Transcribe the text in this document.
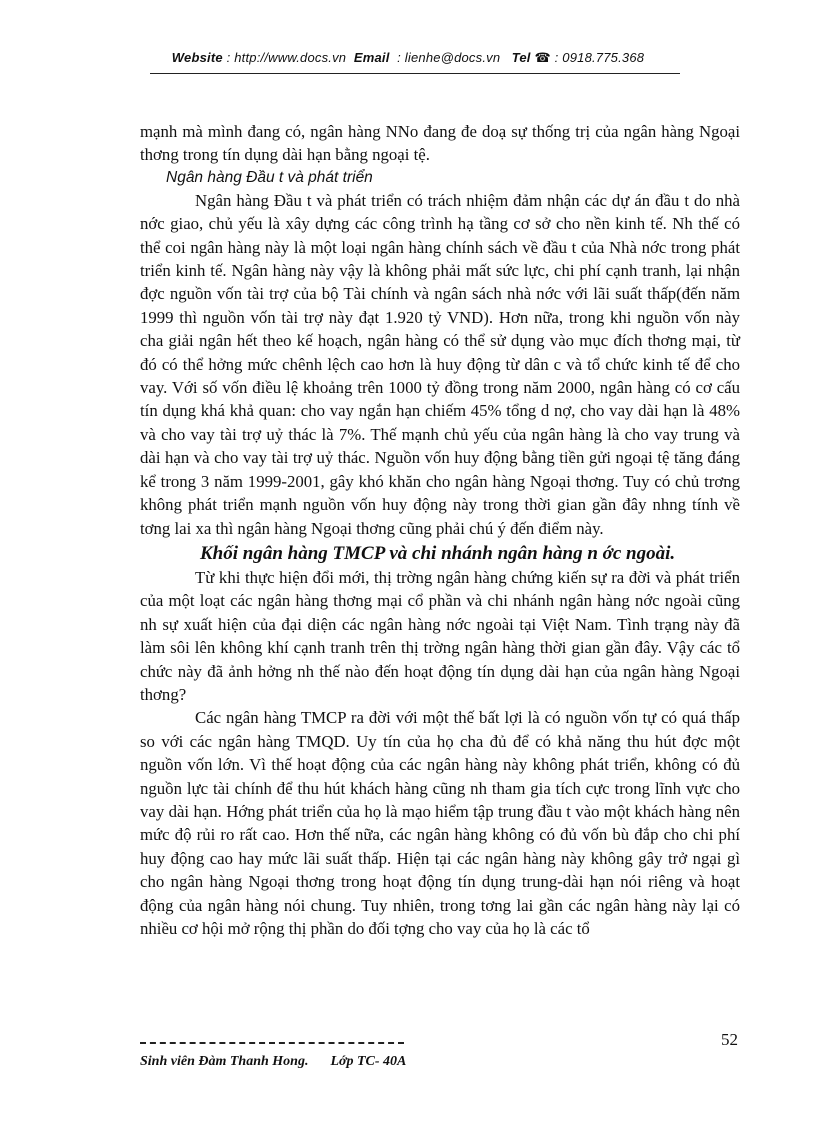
Website : http://www.docs.vn Email : lienhe@docs.vn Tel ☎ : 0918.775.368

mạnh mà mình đang có, ngân hàng NNo đang đe doạ sự thống trị của ngân hàng Ngoại thơng trong tín dụng dài hạn bằng ngoại tệ.

Ngân hàng Đầu t và phát triển

Ngân hàng Đầu t và phát triển có trách nhiệm đảm nhận các dự án đầu t do nhà nớc giao, chủ yếu là xây dựng các công trình hạ tầng cơ sở cho nền kinh tế. Nh thế có thể coi ngân hàng này là một loại ngân hàng chính sách về đầu t của Nhà nớc trong phát triển kinh tế. Ngân hàng này vậy là không phải mất sức lực, chi phí cạnh tranh, lại nhận đợc nguồn vốn tài trợ của bộ Tài chính và ngân sách nhà nớc với lãi suất thấp(đến năm 1999 thì nguồn vốn tài trợ này đạt 1.920 tỷ VND). Hơn nữa, trong khi nguồn vốn này cha giải ngân hết theo kế hoạch, ngân hàng có thể sử dụng vào mục đích thơng mại, từ đó có thể hởng mức chênh lệch cao hơn là huy động từ dân c và tổ chức kinh tế để cho vay. Với số vốn điều lệ khoảng trên 1000 tỷ đồng trong năm 2000, ngân hàng có cơ cấu tín dụng khá khả quan: cho vay ngắn hạn chiếm 45% tổng d nợ, cho vay dài hạn là 48% và cho vay tài trợ uỷ thác là 7%. Thế mạnh chủ yếu của ngân hàng là cho vay trung và dài hạn và cho vay tài trợ uỷ thác. Nguồn vốn huy động bằng tiền gửi ngoại tệ tăng đáng kể trong 3 năm 1999-2001, gây khó khăn cho ngân hàng Ngoại thơng. Tuy có chủ trơng không phát triển mạnh nguồn vốn huy động này trong thời gian gần đây nhng tính về tơng lai xa thì ngân hàng Ngoại thơng cũng phải chú ý đến điểm này.

Khối ngân hàng TMCP và chi nhánh ngân hàng n ớc ngoài.

Từ khi thực hiện đổi mới, thị trờng ngân hàng chứng kiến sự ra đời và phát triển của một loạt các ngân hàng thơng mại cổ phần và chi nhánh ngân hàng nớc ngoài cũng nh sự xuất hiện của đại diện các ngân hàng nớc ngoài tại Việt Nam. Tình trạng này đã làm sôi lên không khí cạnh tranh trên thị trờng ngân hàng thời gian gần đây. Vậy các tổ chức này đã ảnh hởng nh thế nào đến hoạt động tín dụng dài hạn của ngân hàng Ngoại thơng?

Các ngân hàng TMCP ra đời với một thế bất lợi là có nguồn vốn tự có quá thấp so với các ngân hàng TMQD. Uy tín của họ cha đủ để có khả năng thu hút đợc một nguồn vốn lớn. Vì thế hoạt động của các ngân hàng này không phát triển, không có đủ nguồn lực tài chính để thu hút khách hàng cũng nh tham gia tích cực trong lĩnh vực cho vay dài hạn. Hớng phát triển của họ là mạo hiểm tập trung đầu t vào một khách hàng nên mức độ rủi ro rất cao. Hơn thế nữa, các ngân hàng không có đủ vốn bù đắp cho chi phí huy động cao hay mức lãi suất thấp. Hiện tại các ngân hàng này không gây trở ngại gì cho ngân hàng Ngoại thơng trong hoạt động tín dụng trung-dài hạn nói riêng và hoạt động của ngân hàng nói chung. Tuy nhiên, trong tơng lai gần các ngân hàng này lại có nhiều cơ hội mở rộng thị phần do đối tợng cho vay của họ là các tổ

Sinh viên Đàm Thanh Hong. Lớp TC- 40A
52
